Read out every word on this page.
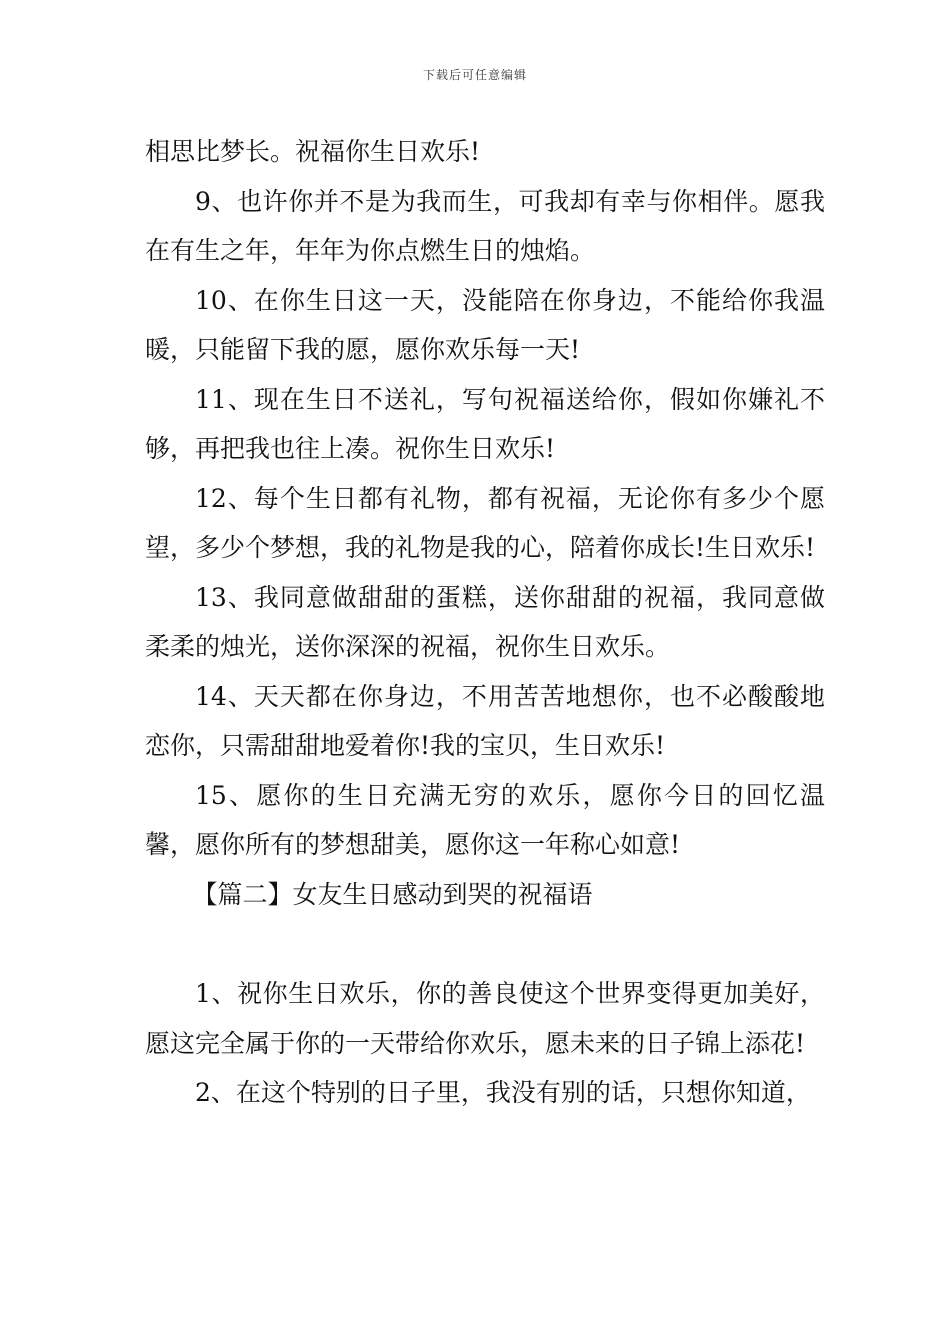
下载后可任意编辑

相思比梦长。祝福你生日欢乐!

9、也许你并不是为我而生，可我却有幸与你相伴。愿我在有生之年，年年为你点燃生日的烛焰。

10、在你生日这一天，没能陪在你身边，不能给你我温暖，只能留下我的愿，愿你欢乐每一天!

11、现在生日不送礼，写句祝福送给你，假如你嫌礼不够，再把我也往上凑。祝你生日欢乐!

12、每个生日都有礼物，都有祝福，无论你有多少个愿望，多少个梦想，我的礼物是我的心，陪着你成长!生日欢乐!

13、我同意做甜甜的蛋糕，送你甜甜的祝福，我同意做柔柔的烛光，送你深深的祝福，祝你生日欢乐。

14、天天都在你身边，不用苦苦地想你，也不必酸酸地恋你，只需甜甜地爱着你!我的宝贝，生日欢乐!

15、愿你的生日充满无穷的欢乐，愿你今日的回忆温馨，愿你所有的梦想甜美，愿你这一年称心如意!

【篇二】女友生日感动到哭的祝福语

1、祝你生日欢乐，你的善良使这个世界变得更加美好，愿这完全属于你的一天带给你欢乐，愿未来的日子锦上添花!

2、在这个特别的日子里，我没有别的话，只想你知道，
